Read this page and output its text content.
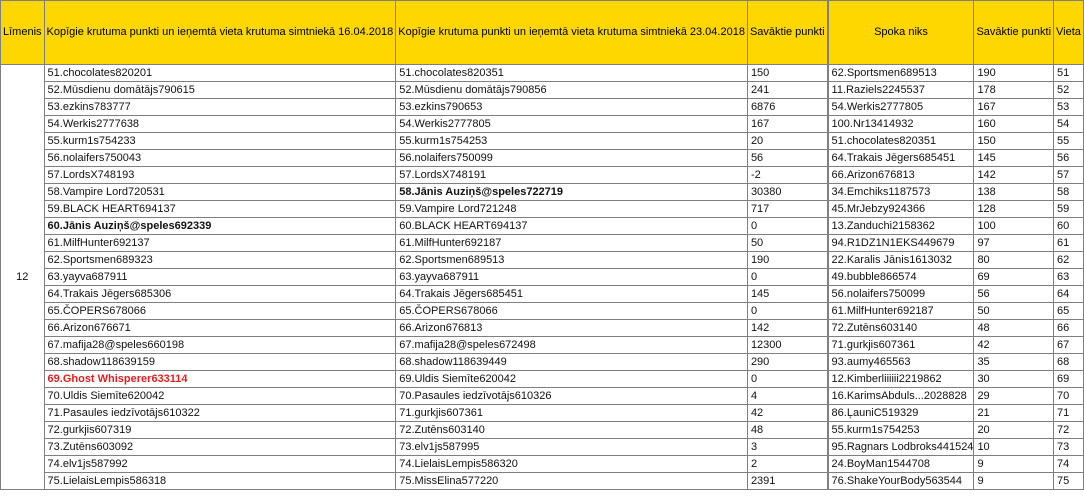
Līmenis	Kopīgie krutuma punkti un ieņemtā vieta krutuma simtniekā 16.04.2018	Kopīgie krutuma punkti un ieņemtā vieta krutuma simtniekā 23.04.2018	Savāktie punkti		Spoka niks	Savāktie punkti	Vieta
12	51.chocolates820201	51.chocolates820351	150		62.Sportsmen689513	190	51
	52.Mūsdienu domātājs790615	52.Mūsdienu domātājs790856	241		11.Raziels2245537	178	52
	53.ezkins783777	53.ezkins790653	6876		54.Werkis2777805	167	53
	54.Werkis2777638	54.Werkis2777805	167		100.Nr13414932	160	54
	55.kurm1s754233	55.kurm1s754253	20		51.chocolates820351	150	55
	56.nolaifers750043	56.nolaifers750099	56		64.Trakais Jēgers685451	145	56
	57.LordsX748193	57.LordsX748191	-2		66.Arizon676813	142	57
	58.Vampire Lord720531	58.Jānis Auziņš@speles722719	30380		34.Emchiks1187573	138	58
	59.BLACK HEART694137	59.Vampire Lord721248	717		45.MrJebzy924366	128	59
	60.Jānis Auziņš@speles692339	60.BLACK HEART694137	0		13.Zanduchi2158362	100	60
	61.MilfHunter692137	61.MilfHunter692187	50		94.R1DZ1N1EKS449679	97	61
	62.Sportsmen689323	62.Sportsmen689513	190		22.Karalis Jānis1613032	80	62
	63.yayva687911	63.yayva687911	0		49.bubble866574	69	63
	64.Trakais Jēgers685306	64.Trakais Jēgers685451	145		56.nolaifers750099	56	64
	65.ČOPERS678066	65.ČOPERS678066	0		61.MilfHunter692187	50	65
	66.Arizon676671	66.Arizon676813	142		72.Zutēns603140	48	66
	67.mafija28@speles660198	67.mafija28@speles672498	12300		71.gurkjis607361	42	67
	68.shadow118639159	68.shadow118639449	290		93.aumy465563	35	68
	69.Ghost Whisperer633114	69.Uldis Siemīte620042	0		12.Kimberliiiiii2219862	30	69
	70.Uldis Siemīte620042	70.Pasaules iedzīvotājs610326	4		16.KarimsAbduls...2028828	29	70
	71.Pasaules iedzīvotājs610322	71.gurkjis607361	42		86.ĻauniC519329	21	71
	72.gurkjis607319	72.Zutēns603140	48		55.kurm1s754253	20	72
	73.Zutēns603092	73.elv1js587995	3		95.Ragnars Lodbroks441524	10	73
	74.elv1js587992	74.LielaisLempis586320	2		24.BoyMan1544708	9	74
	75.LielaisLempis586318	75.MissElina577220	2391		76.ShakeYourBody563544	9	75
